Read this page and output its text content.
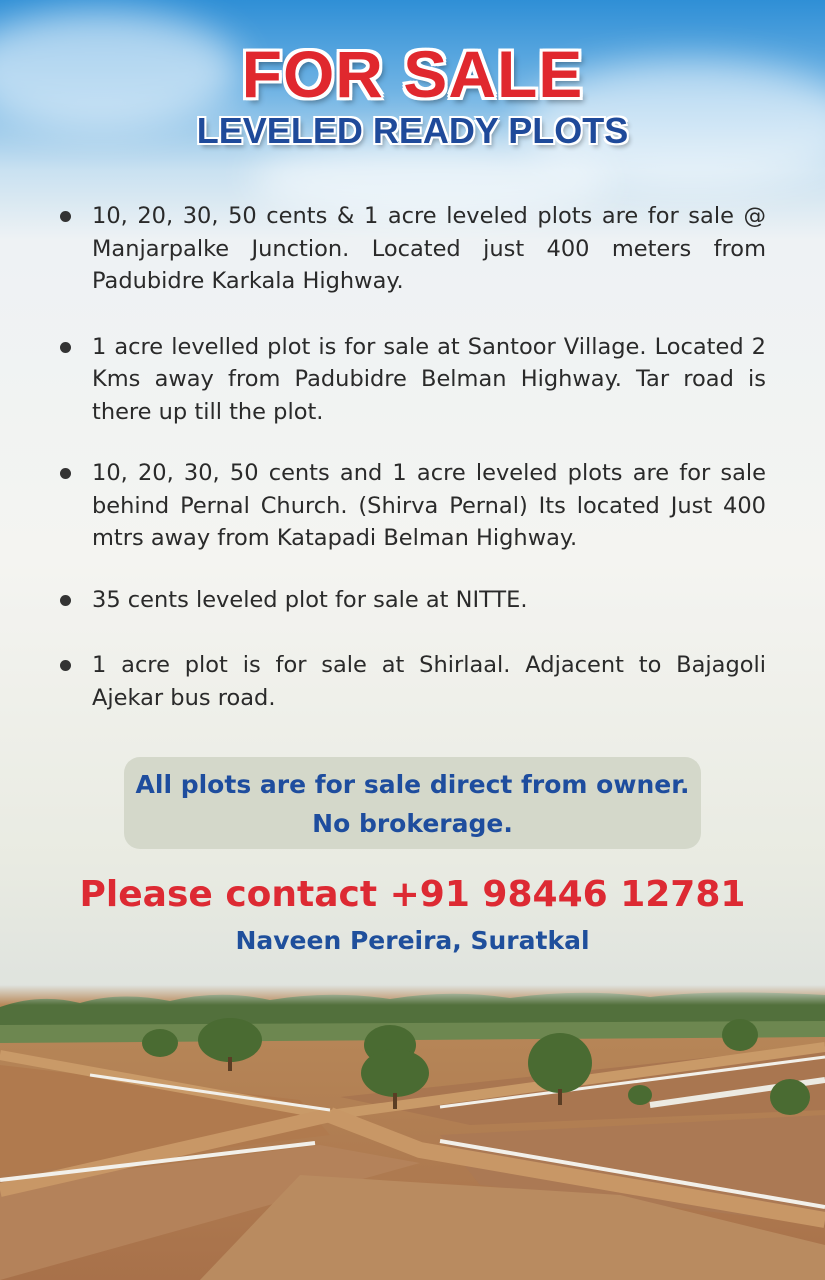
FOR SALE
LEVELED READY PLOTS
10, 20, 30, 50 cents & 1 acre leveled plots are for sale @ Manjarpalke Junction. Located just 400 meters from Padubidre Karkala Highway.
1 acre levelled plot is for sale at Santoor Village. Located 2 Kms away from Padubidre Belman Highway. Tar road is there up till the plot.
10, 20, 30, 50 cents and 1 acre leveled plots are for sale behind Pernal Church. (Shirva Pernal) Its located Just 400 mtrs away from Katapadi Belman Highway.
35 cents leveled plot for sale at NITTE.
1 acre plot is for sale at Shirlaal. Adjacent to Bajagoli Ajekar bus road.
All plots are for sale direct from owner.
No brokerage.
Please contact +91 98446 12781
Naveen Pereira, Suratkal
